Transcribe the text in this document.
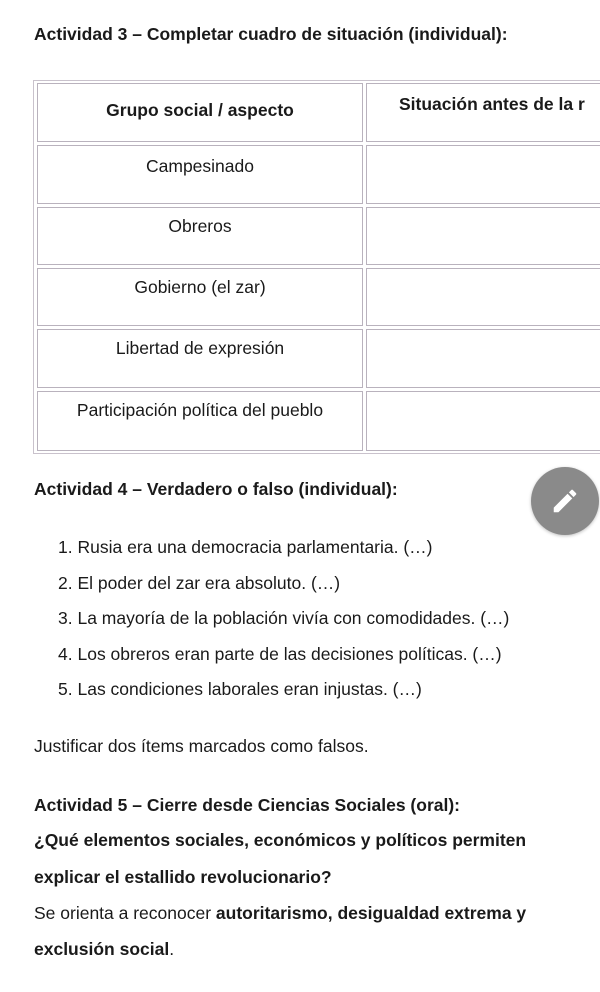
Actividad 3 – Completar cuadro de situación (individual):
Grupo social / aspecto	Situación antes de la r
Campesinado
Obreros
Gobierno (el zar)
Libertad de expresión
Participación política del pueblo
Actividad 4 – Verdadero o falso (individual):
1. Rusia era una democracia parlamentaria. (…)
2. El poder del zar era absoluto. (…)
3. La mayoría de la población vivía con comodidades. (…)
4. Los obreros eran parte de las decisiones políticas. (…)
5. Las condiciones laborales eran injustas. (…)
Justificar dos ítems marcados como falsos.
Actividad 5 – Cierre desde Ciencias Sociales (oral):
¿Qué elementos sociales, económicos y políticos permiten
explicar el estallido revolucionario?
Se orienta a reconocer autoritarismo, desigualdad extrema y
exclusión social.
